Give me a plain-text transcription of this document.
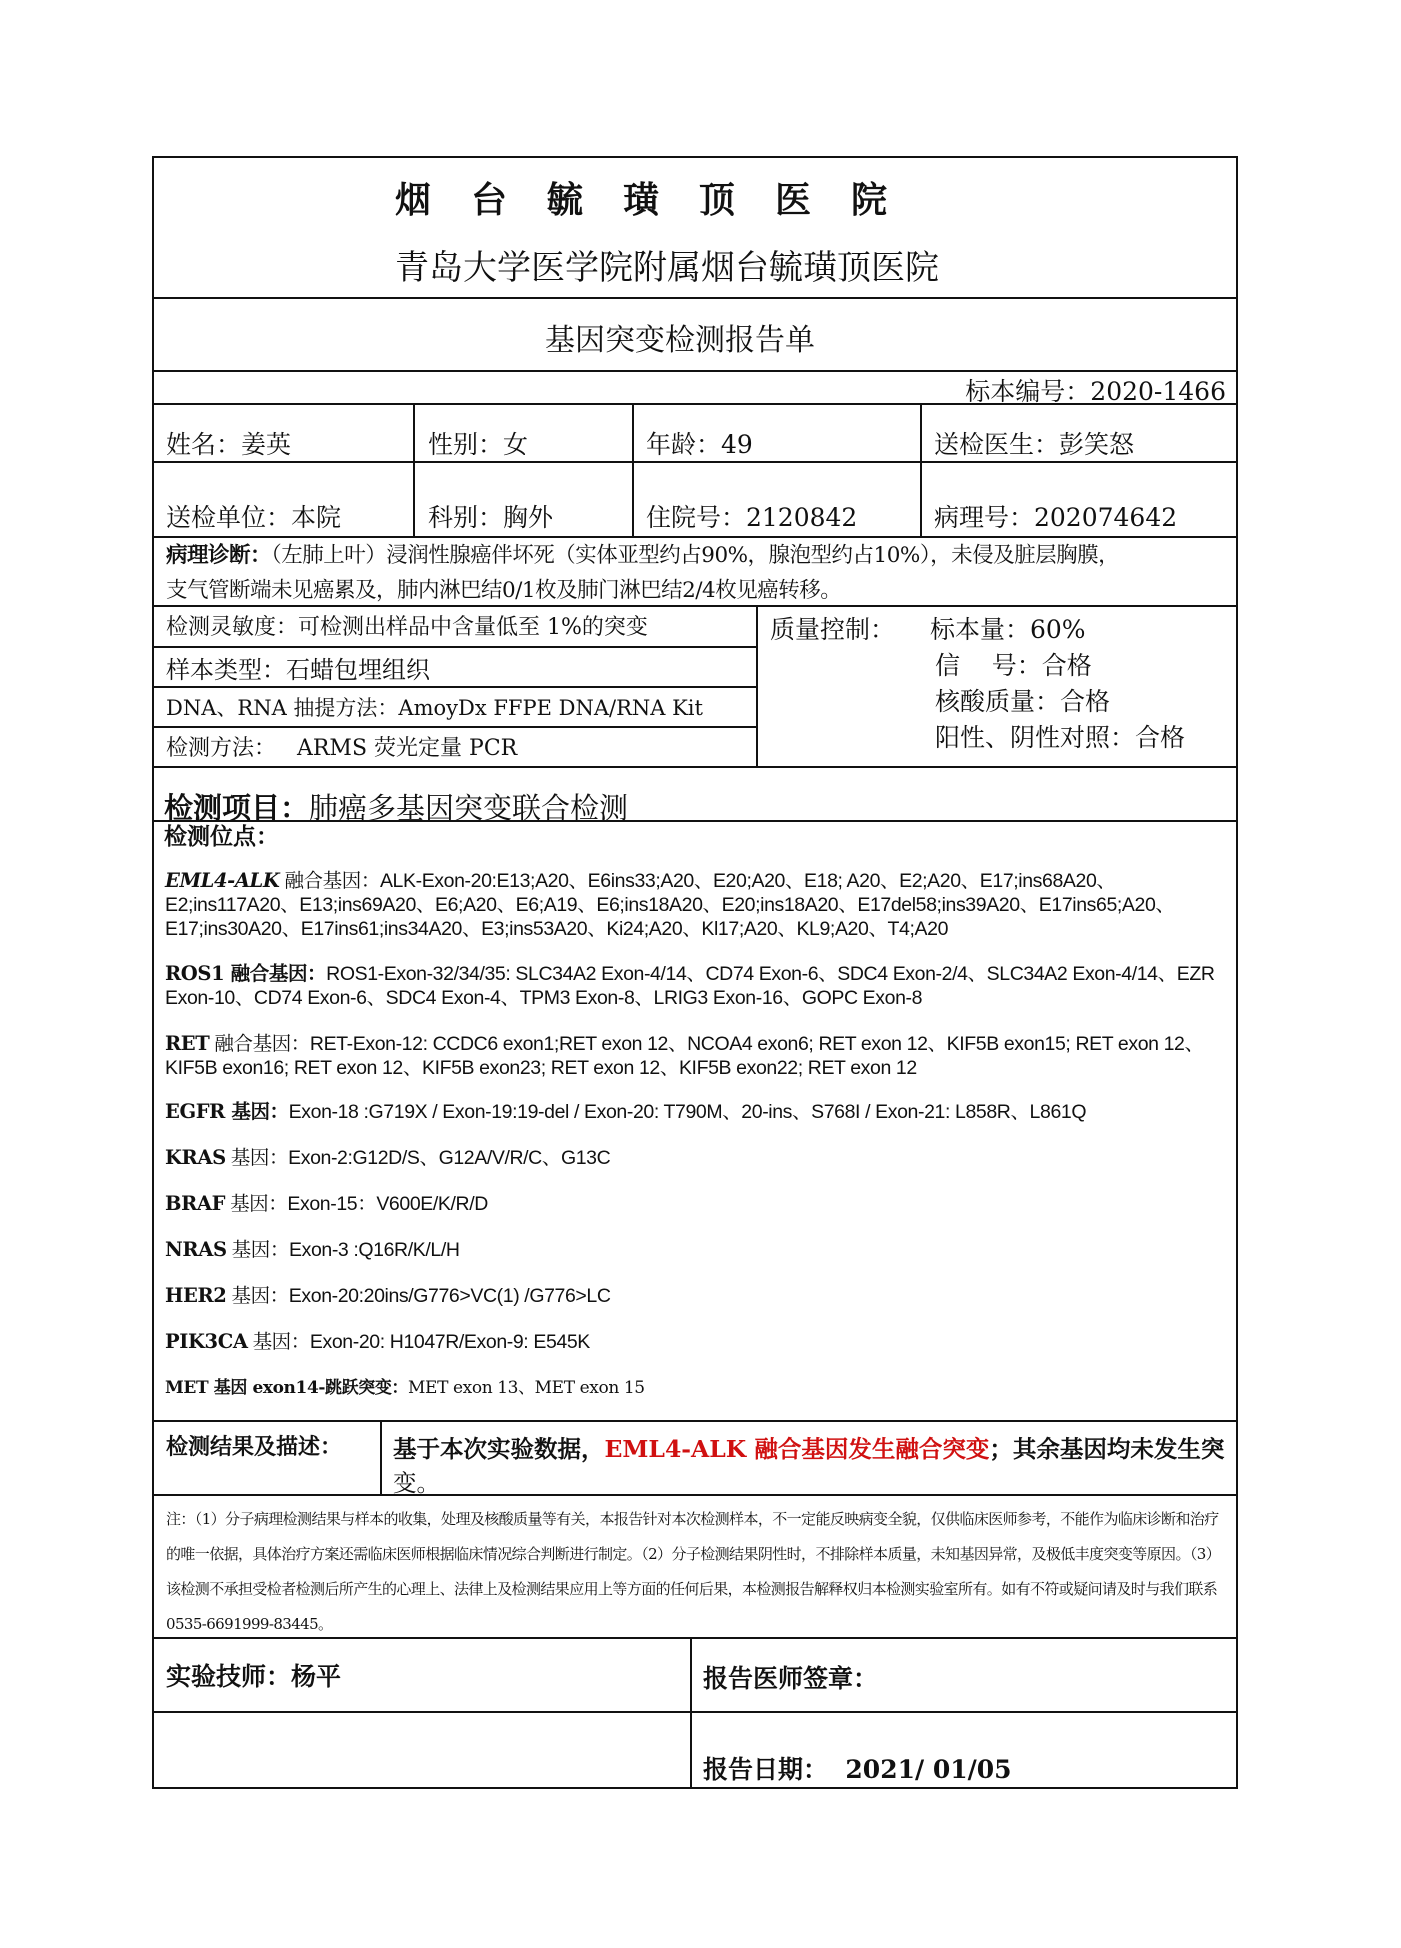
烟台毓璜顶医院
青岛大学医学院附属烟台毓璜顶医院
基因突变检测报告单
标本编号：2020-1466
姓名：姜英	性别：女	年龄：49	送检医生：彭笑怒
送检单位：本院	科别：胸外	住院号：2120842	病理号：202074642
病理诊断：（左肺上叶）浸润性腺癌伴坏死（实体亚型约占90%，腺泡型约占10%），未侵及脏层胸膜，
支气管断端未见癌累及，肺内淋巴结0/1枚及肺门淋巴结2/4枚见癌转移。
检测灵敏度：可检测出样品中含量低至 1%的突变
样本类型：石蜡包埋组织
DNA、RNA 抽提方法：AmoyDx FFPE DNA/RNA Kit
检测方法：   ARMS 荧光定量 PCR
质量控制： 标本量：60%
信    号：合格
核酸质量：合格
阳性、阴性对照：合格
检测项目：肺癌多基因突变联合检测
检测位点：
EML4-ALK 融合基因：ALK-Exon-20:E13;A20、E6ins33;A20、E20;A20、E18; A20、E2;A20、E17;ins68A20、E2;ins117A20、E13;ins69A20、E6;A20、E6;A19、E6;ins18A20、E20;ins18A20、E17del58;ins39A20、E17ins65;A20、E17;ins30A20、E17ins61;ins34A20、E3;ins53A20、Ki24;A20、Kl17;A20、KL9;A20、T4;A20
ROS1 融合基因：ROS1-Exon-32/34/35: SLC34A2 Exon-4/14、CD74 Exon-6、SDC4 Exon-2/4、SLC34A2 Exon-4/14、EZR Exon-10、CD74 Exon-6、SDC4 Exon-4、TPM3 Exon-8、LRIG3 Exon-16、GOPC Exon-8
RET 融合基因：RET-Exon-12: CCDC6 exon1;RET exon 12、NCOA4 exon6; RET exon 12、KIF5B exon15; RET exon 12、KIF5B exon16; RET exon 12、KIF5B exon23; RET exon 12、KIF5B exon22; RET exon 12
EGFR 基因：Exon-18 :G719X / Exon-19:19-del / Exon-20: T790M、20-ins、S768I / Exon-21: L858R、L861Q
KRAS 基因：Exon-2:G12D/S、G12A/V/R/C、G13C
BRAF 基因：Exon-15：V600E/K/R/D
NRAS 基因：Exon-3 :Q16R/K/L/H
HER2 基因：Exon-20:20ins/G776>VC(1) /G776>LC
PIK3CA 基因：Exon-20: H1047R/Exon-9: E545K
MET 基因 exon14-跳跃突变：MET exon 13、MET exon 15
检测结果及描述： 基于本次实验数据，EML4-ALK 融合基因发生融合突变；其余基因均未发生突
变。
注：（1）分子病理检测结果与样本的收集，处理及核酸质量等有关，本报告针对本次检测样本，不一定能反映病变全貌，仅供临床医师参考，不能作为临床诊断和治疗的唯一依据，具体治疗方案还需临床医师根据临床情况综合判断进行制定。（2）分子检测结果阴性时，不排除样本质量，未知基因异常，及极低丰度突变等原因。（3）该检测不承担受检者检测后所产生的心理上、法律上及检测结果应用上等方面的任何后果，本检测报告解释权归本检测实验室所有。如有不符或疑问请及时与我们联系 0535-6691999-83445。
实验技师：杨平	报告医师签章：
报告日期：  2021/ 01/05
